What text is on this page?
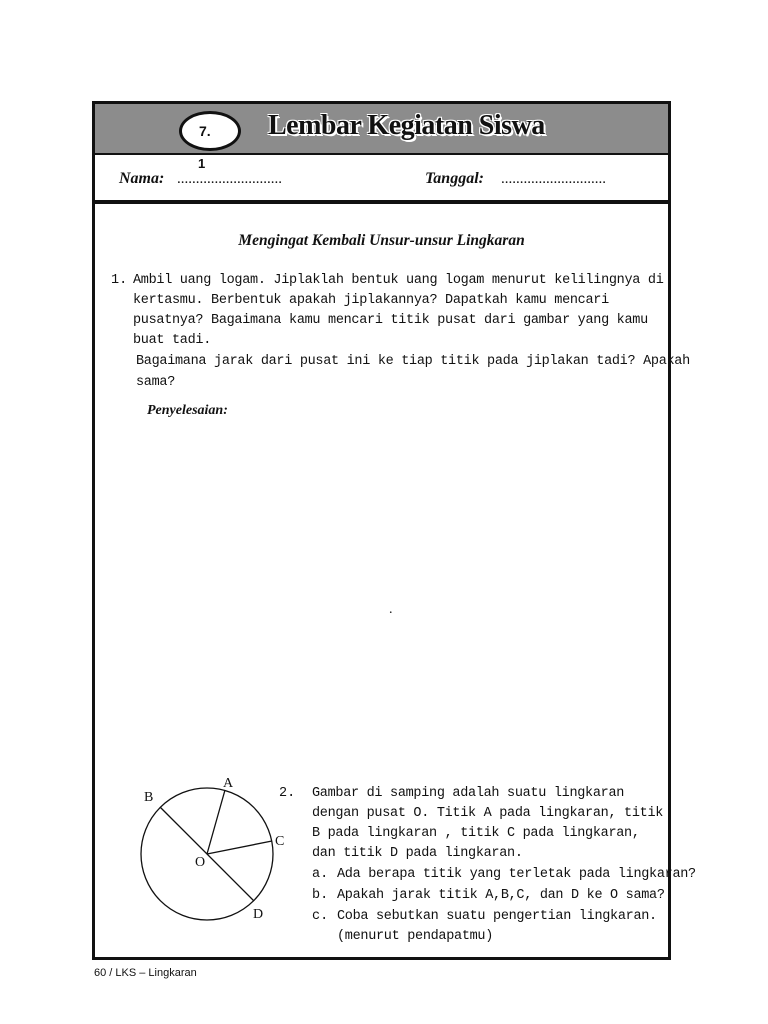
7. Lembar Kegiatan Siswa
1
Nama: ............................	Tanggal: ............................
Mengingat Kembali Unsur-unsur Lingkaran
1. Ambil uang logam. Jiplaklah bentuk uang logam menurut kelilingnya di
kertasmu. Berbentuk apakah jiplakannya? Dapatkah kamu mencari
pusatnya? Bagaimana kamu mencari titik pusat dari gambar yang kamu
buat tadi.
Bagaimana jarak dari pusat ini ke tiap titik pada jiplakan tadi? Apakah
sama?
Penyelesaian:
.
A
B
C
O
D
2. Gambar di samping adalah suatu lingkaran
dengan pusat O. Titik A pada lingkaran, titik
B pada lingkaran , titik C pada lingkaran,
dan titik D pada lingkaran.
a. Ada berapa titik yang terletak pada lingkaran?
b. Apakah jarak titik A,B,C, dan D ke O sama?
c. Coba sebutkan suatu pengertian lingkaran.
(menurut pendapatmu)
60 / LKS – Lingkaran
